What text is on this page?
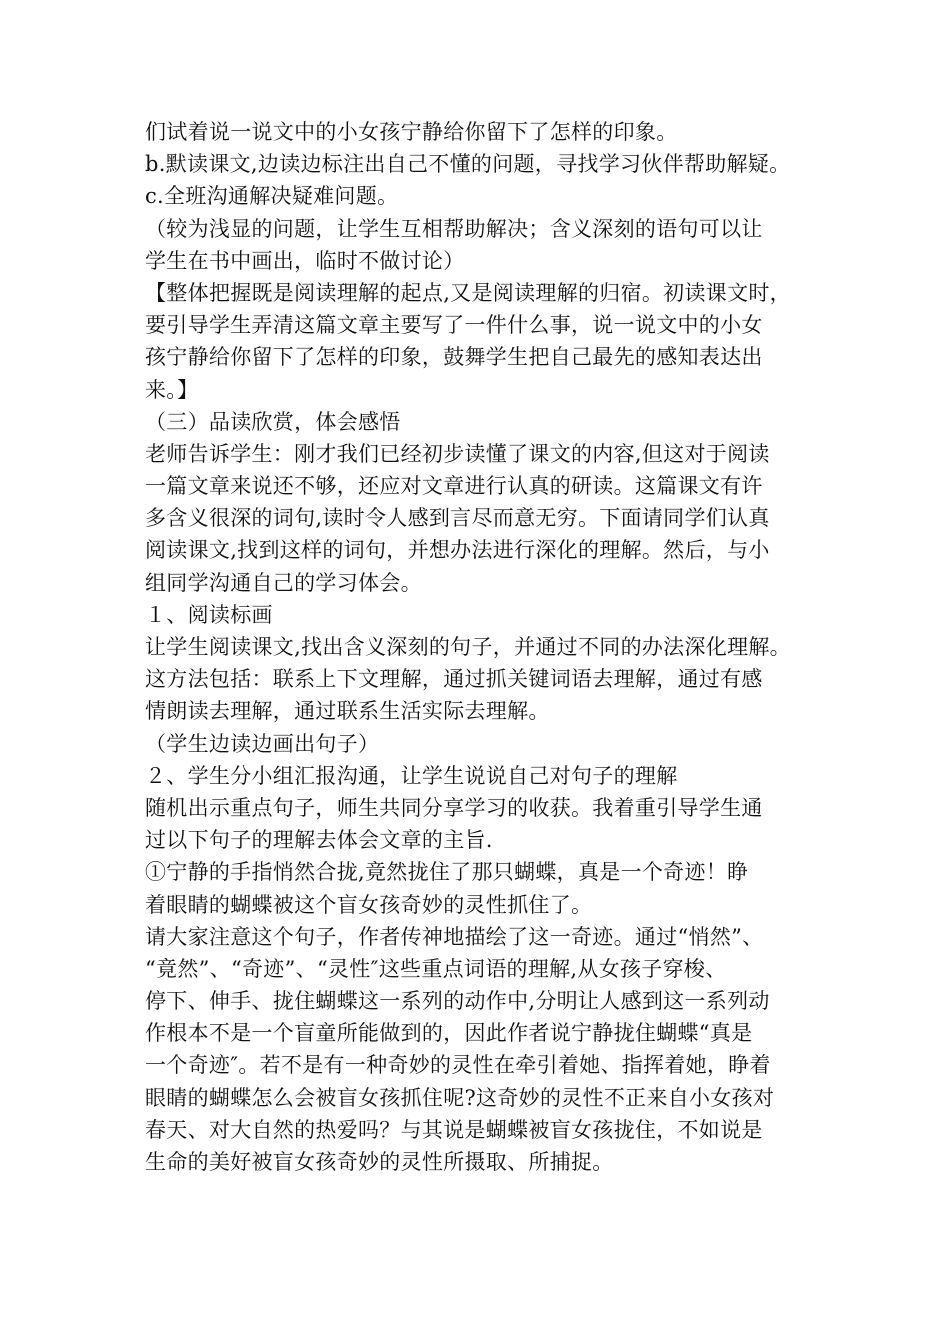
们试着说一说文中的小女孩宁静给你留下了怎样的印象。
b.默读课文,边读边标注出自己不懂的问题，寻找学习伙伴帮助解疑。
c.全班沟通解决疑难问题。
（较为浅显的问题，让学生互相帮助解决；含义深刻的语句可以让
学生在书中画出，临时不做讨论）
【整体把握既是阅读理解的起点,又是阅读理解的归宿。初读课文时，
要引导学生弄清这篇文章主要写了一件什么事，说一说文中的小女
孩宁静给你留下了怎样的印象，鼓舞学生把自己最先的感知表达出
来。】
（三）品读欣赏，体会感悟
老师告诉学生：刚才我们已经初步读懂了课文的内容,但这对于阅读
一篇文章来说还不够，还应对文章进行认真的研读。这篇课文有许
多含义很深的词句,读时令人感到言尽而意无穷。下面请同学们认真
阅读课文,找到这样的词句，并想办法进行深化的理解。然后，与小
组同学沟通自己的学习体会。
１、阅读标画
让学生阅读课文,找出含义深刻的句子，并通过不同的办法深化理解。
这方法包括：联系上下文理解，通过抓关键词语去理解，通过有感
情朗读去理解，通过联系生活实际去理解。
（学生边读边画出句子）
２、学生分小组汇报沟通，让学生说说自己对句子的理解
随机出示重点句子，师生共同分享学习的收获。我着重引导学生通
过以下句子的理解去体会文章的主旨.
①宁静的手指悄然合拢,竟然拢住了那只蝴蝶，真是一个奇迹！睁
着眼睛的蝴蝶被这个盲女孩奇妙的灵性抓住了。
请大家注意这个句子，作者传神地描绘了这一奇迹。通过“悄然”、
“竟然”、“奇迹”、“灵性″这些重点词语的理解,从女孩子穿梭、
停下、伸手、拢住蝴蝶这一系列的动作中,分明让人感到这一系列动
作根本不是一个盲童所能做到的，因此作者说宁静拢住蝴蝶“真是
一个奇迹″。若不是有一种奇妙的灵性在牵引着她、指挥着她，睁着
眼睛的蝴蝶怎么会被盲女孩抓住呢?这奇妙的灵性不正来自小女孩对
春天、对大自然的热爱吗？与其说是蝴蝶被盲女孩拢住，不如说是
生命的美好被盲女孩奇妙的灵性所摄取、所捕捉。
